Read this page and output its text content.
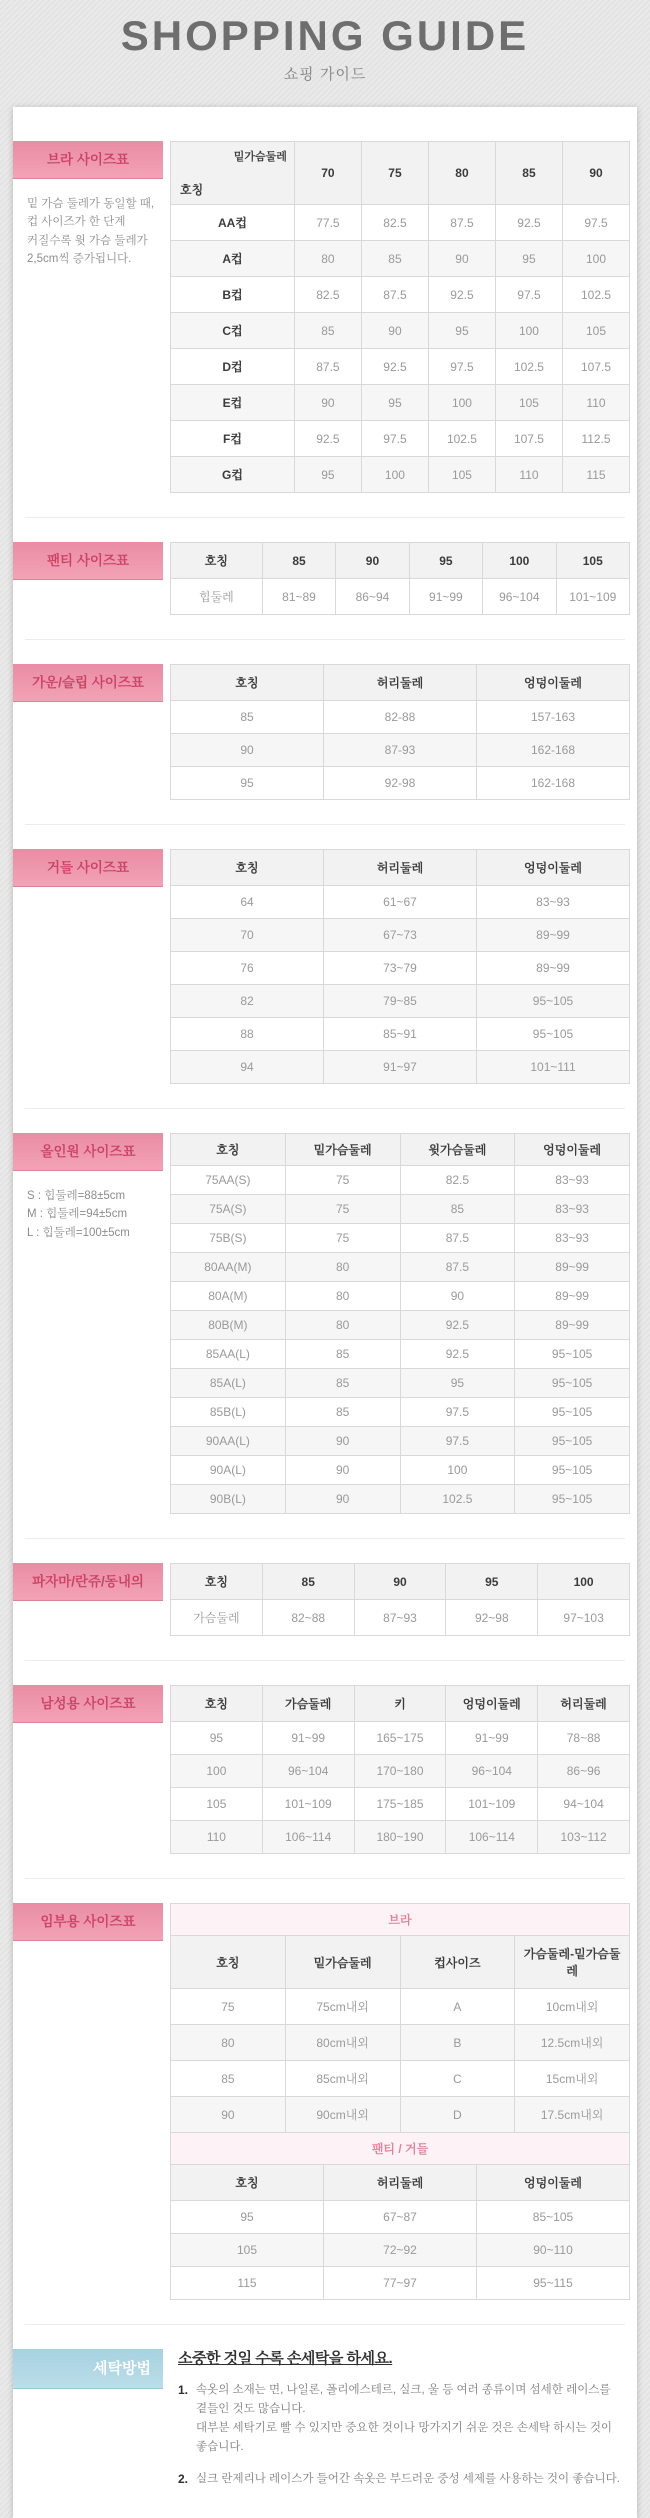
SHOPPING GUIDE
쇼핑 가이드
브라 사이즈표
밑 가슴 둘레가 동일할 때,
컵 사이즈가 한 단계
커질수록 윗 가슴 둘레가
2,5cm씩 증가됩니다.
밑가슴둘레
호칭	70	75	80	85	90
AA컵	77.5	82.5	87.5	92.5	97.5
A컵	80	85	90	95	100
B컵	82.5	87.5	92.5	97.5	102.5
C컵	85	90	95	100	105
D컵	87.5	92.5	97.5	102.5	107.5
E컵	90	95	100	105	110
F컵	92.5	97.5	102.5	107.5	112.5
G컵	95	100	105	110	115
팬티 사이즈표	호칭	85	90	95	100	105
힙둘레	81~89	86~94	91~99	96~104	101~109
가운/슬립 사이즈표	호칭	허리둘레	엉덩이둘레
85	82-88	157-163
90	87-93	162-168
95	92-98	162-168
거들 사이즈표	호칭	허리둘레	엉덩이둘레
64	61~67	83~93
70	67~73	89~99
76	73~79	89~99
82	79~85	95~105
88	85~91	95~105
94	91~97	101~111
올인원 사이즈표
S : 힙둘레=88±5cm
M : 힙둘레=94±5cm
L : 힙둘레=100±5cm
호칭	밑가슴둘레	윗가슴둘레	엉덩이둘레
75AA(S)	75	82.5	83~93
75A(S)	75	85	83~93
75B(S)	75	87.5	83~93
80AA(M)	80	87.5	89~99
80A(M)	80	90	89~99
80B(M)	80	92.5	89~99
85AA(L)	85	92.5	95~105
85A(L)	85	95	95~105
85B(L)	85	97.5	95~105
90AA(L)	90	97.5	95~105
90A(L)	90	100	95~105
90B(L)	90	102.5	95~105
파자마/란쥬/동내의	호칭	85	90	95	100
가슴둘레	82~88	87~93	92~98	97~103
남성용 사이즈표	호칭	가슴둘레	키	엉덩이둘레	허리둘레
95	91~99	165~175	91~99	78~88
100	96~104	170~180	96~104	86~96
105	101~109	175~185	101~109	94~104
110	106~114	180~190	106~114	103~112
임부용 사이즈표	브라
호칭	밑가슴둘레	컵사이즈	가슴둘레-밑가슴둘레
75	75cm내외	A	10cm내외
80	80cm내외	B	12.5cm내외
85	85cm내외	C	15cm내외
90	90cm내외	D	17.5cm내외
팬티 / 거들
호칭	허리둘레	엉덩이둘레
95	67~87	85~105
105	72~92	90~110
115	77~97	95~115
세탁방법
소중한 것일 수록 손세탁을 하세요.
1. 속옷의 소재는 면, 나일론, 폴리에스테르, 실크, 울 등 여러 종류이며 섬세한 레이스를 곁들인 것도 많습니다.
대부분 세탁기로 빨 수 있지만 중요한 것이나 망가지기 쉬운 것은 손세탁 하시는 것이 좋습니다.
2. 실크 란제리나 레이스가 들어간 속옷은 부드러운 중성 세제를 사용하는 것이 좋습니다.
